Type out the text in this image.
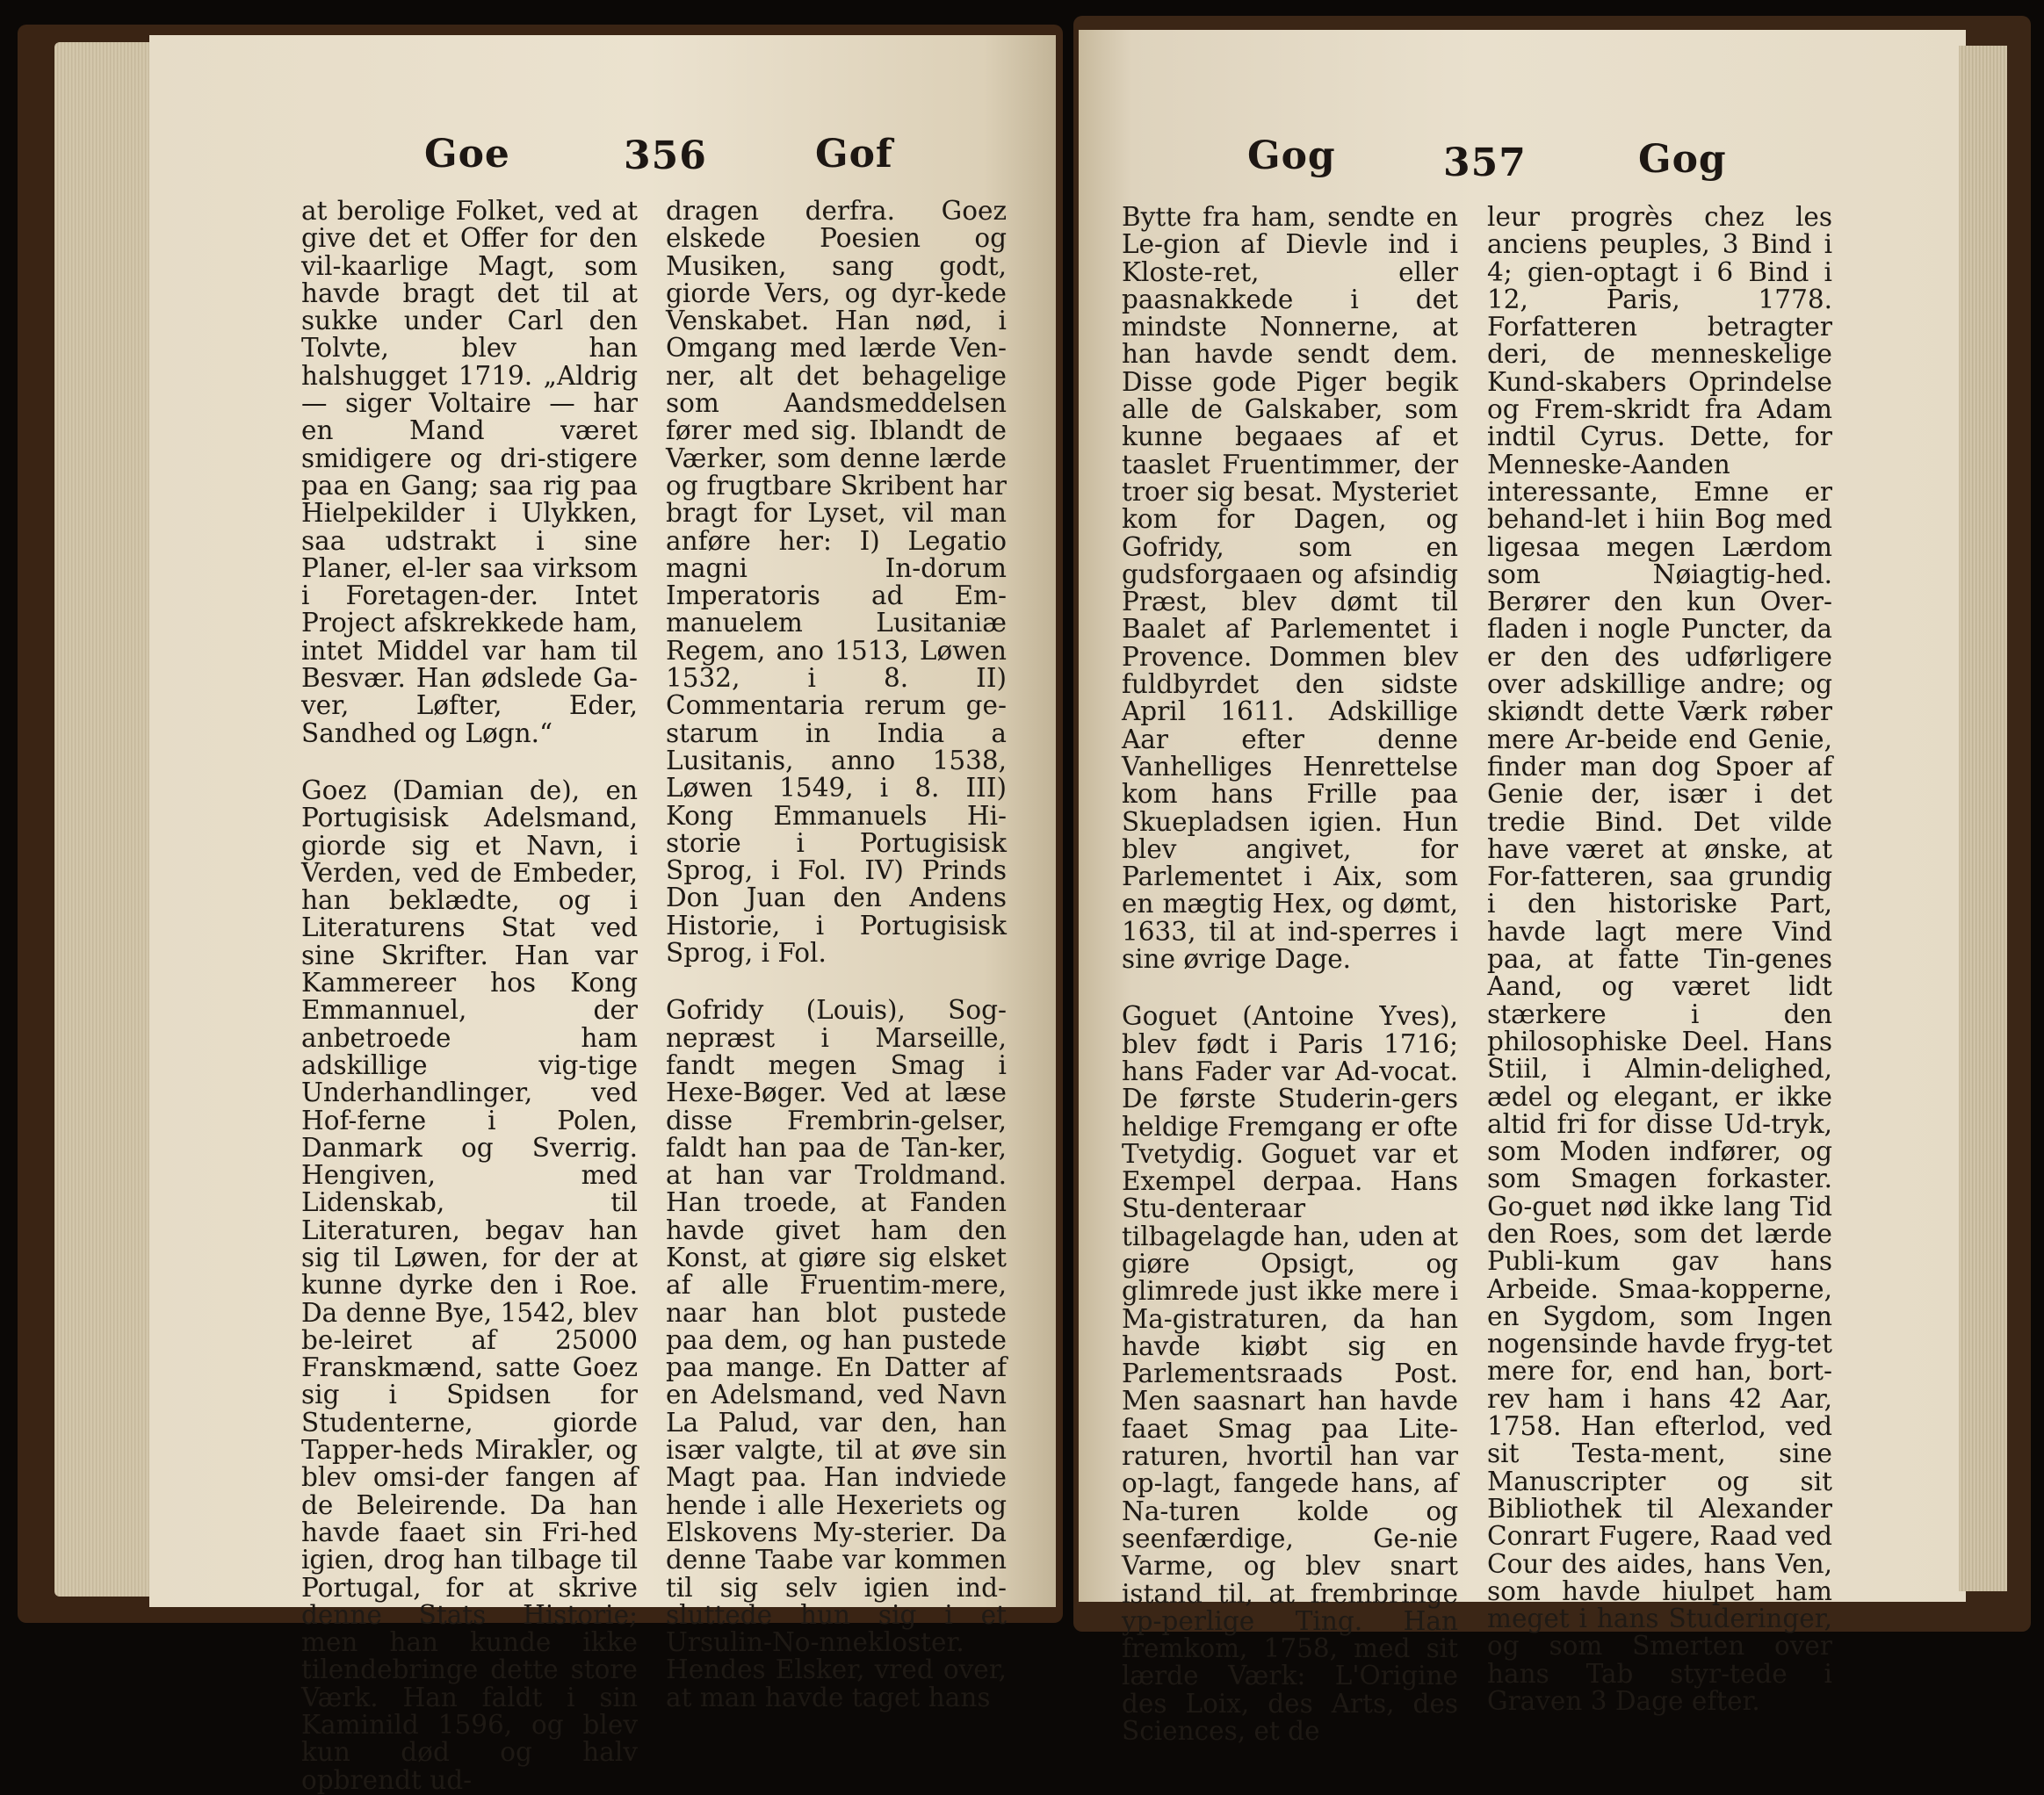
Goe	356	Gof	Gog	357	Gog

at berolige Folket, ved at give det et Offer for den vil-kaarlige Magt, som havde bragt det til at sukke under Carl den Tolvte, blev han halshugget 1719. „Aldrig — siger Voltaire — har en Mand været smidigere og dri-stigere paa en Gang; saa rig paa Hielpekilder i Ulykken, saa udstrakt i sine Planer, el-ler saa virksom i Foretagen-der. Intet Project afskrekkede ham, intet Middel var ham til Besvær. Han ødslede Ga-ver, Løfter, Eder, Sandhed og Løgn.“

Goez (Damian de), en Portugisisk Adelsmand, giorde sig et Navn, i Verden, ved de Embeder, han beklædte, og i Literaturens Stat ved sine Skrifter. Han var Kammereer hos Kong Emmannuel, der anbetroede ham adskillige vig-tige Underhandlinger, ved Hof-ferne i Polen, Danmark og Sverrig. Hengiven, med Lidenskab, til Literaturen, begav han sig til Løwen, for der at kunne dyrke den i Roe. Da denne Bye, 1542, blev be-leiret af 25000 Franskmænd, satte Goez sig i Spidsen for Studenterne, giorde Tapper-heds Mirakler, og blev omsi-der fangen af de Beleirende. Da han havde faaet sin Fri-hed igien, drog han tilbage til Portugal, for at skrive denne Stats Historie; men han kunde ikke tilendebringe dette store Værk. Han faldt i sin Kaminild 1596, og blev kun død og halv opbrendt ud-

dragen derfra. Goez elskede Poesien og Musiken, sang godt, giorde Vers, og dyr-kede Venskabet. Han nød, i Omgang med lærde Ven-ner, alt det behagelige som Aandsmeddelsen fører med sig. Iblandt de Værker, som denne lærde og frugtbare Skribent har bragt for Lyset, vil man anføre her: I) Legatio magni In-dorum Imperatoris ad Em-manuelem Lusitaniæ Regem, ano 1513, Løwen 1532, i 8. II) Commentaria rerum ge-starum in India a Lusitanis, anno 1538, Løwen 1549, i 8. III) Kong Emmanuels Hi-storie i Portugisisk Sprog, i Fol. IV) Prinds Don Juan den Andens Historie, i Portugisisk Sprog, i Fol.

Gofridy (Louis), Sog-nepræst i Marseille, fandt megen Smag i Hexe-Bøger. Ved at læse disse Frembrin-gelser, faldt han paa de Tan-ker, at han var Troldmand. Han troede, at Fanden havde givet ham den Konst, at giøre sig elsket af alle Fruentim-mere, naar han blot pustede paa dem, og han pustede paa mange. En Datter af en Adelsmand, ved Navn La Palud, var den, han især valgte, til at øve sin Magt paa. Han indviede hende i alle Hexeriets og Elskovens My-sterier. Da denne Taabe var kommen til sig selv igien ind-sluttede hun sig i et Ursulin-No-nnekloster. Hendes Elsker, vred over, at man havde taget hans

Bytte fra ham, sendte en Le-gion af Dievle ind i Kloste-ret, eller paasnakkede i det mindste Nonnerne, at han havde sendt dem. Disse gode Piger begik alle de Galskaber, som kunne begaaes af et taaslet Fruentimmer, der troer sig besat. Mysteriet kom for Dagen, og Gofridy, som en gudsforgaaen og afsindig Præst, blev dømt til Baalet af Parlementet i Provence. Dommen blev fuldbyrdet den sidste April 1611. Adskillige Aar efter denne Vanhelliges Henrettelse kom hans Frille paa Skuepladsen igien. Hun blev angivet, for Parlementet i Aix, som en mægtig Hex, og dømt, 1633, til at ind-sperres i sine øvrige Dage.

Goguet (Antoine Yves), blev født i Paris 1716; hans Fader var Ad-vocat. De første Studerin-gers heldige Fremgang er ofte Tvetydig. Goguet var et Exempel derpaa. Hans Stu-denteraar tilbagelagde han, uden at giøre Opsigt, og glimrede just ikke mere i Ma-gistraturen, da han havde kiøbt sig en Parlementsraads Post. Men saasnart han havde faaet Smag paa Lite-raturen, hvortil han var op-lagt, fangede hans, af Na-turen kolde og seenfærdige, Ge-nie Varme, og blev snart istand til, at frembringe yp-perlige Ting. Han fremkom, 1758, med sit lærde Værk: L'Origine des Loix, des Arts, des Sciences, et de

leur progrès chez les anciens peuples, 3 Bind i 4; gien-optagt i 6 Bind i 12, Paris, 1778. Forfatteren betragter deri, de menneskelige Kund-skabers Oprindelse og Frem-skridt fra Adam indtil Cyrus. Dette, for Menneske-Aanden interessante, Emne er behand-let i hiin Bog med ligesaa megen Lærdom som Nøiagtig-hed. Berører den kun Over-fladen i nogle Puncter, da er den des udførligere over adskillige andre; og skiøndt dette Værk røber mere Ar-beide end Genie, finder man dog Spoer af Genie der, især i det tredie Bind. Det vilde have været at ønske, at For-fatteren, saa grundig i den historiske Part, havde lagt mere Vind paa, at fatte Tin-genes Aand, og været lidt stærkere i den philosophiske Deel. Hans Stiil, i Almin-delighed, ædel og elegant, er ikke altid fri for disse Ud-tryk, som Moden indfører, og som Smagen forkaster. Go-guet nød ikke lang Tid den Roes, som det lærde Publi-kum gav hans Arbeide. Smaa-kopperne, en Sygdom, som Ingen nogensinde havde fryg-tet mere for, end han, bort-rev ham i hans 42 Aar, 1758. Han efterlod, ved sit Testa-ment, sine Manuscripter og sit Bibliothek til Alexander Conrart Fugere, Raad ved Cour des aides, hans Ven, som havde hiulpet ham meget i hans Studeringer, og som Smerten over hans Tab styr-tede i Graven 3 Dage efter.
